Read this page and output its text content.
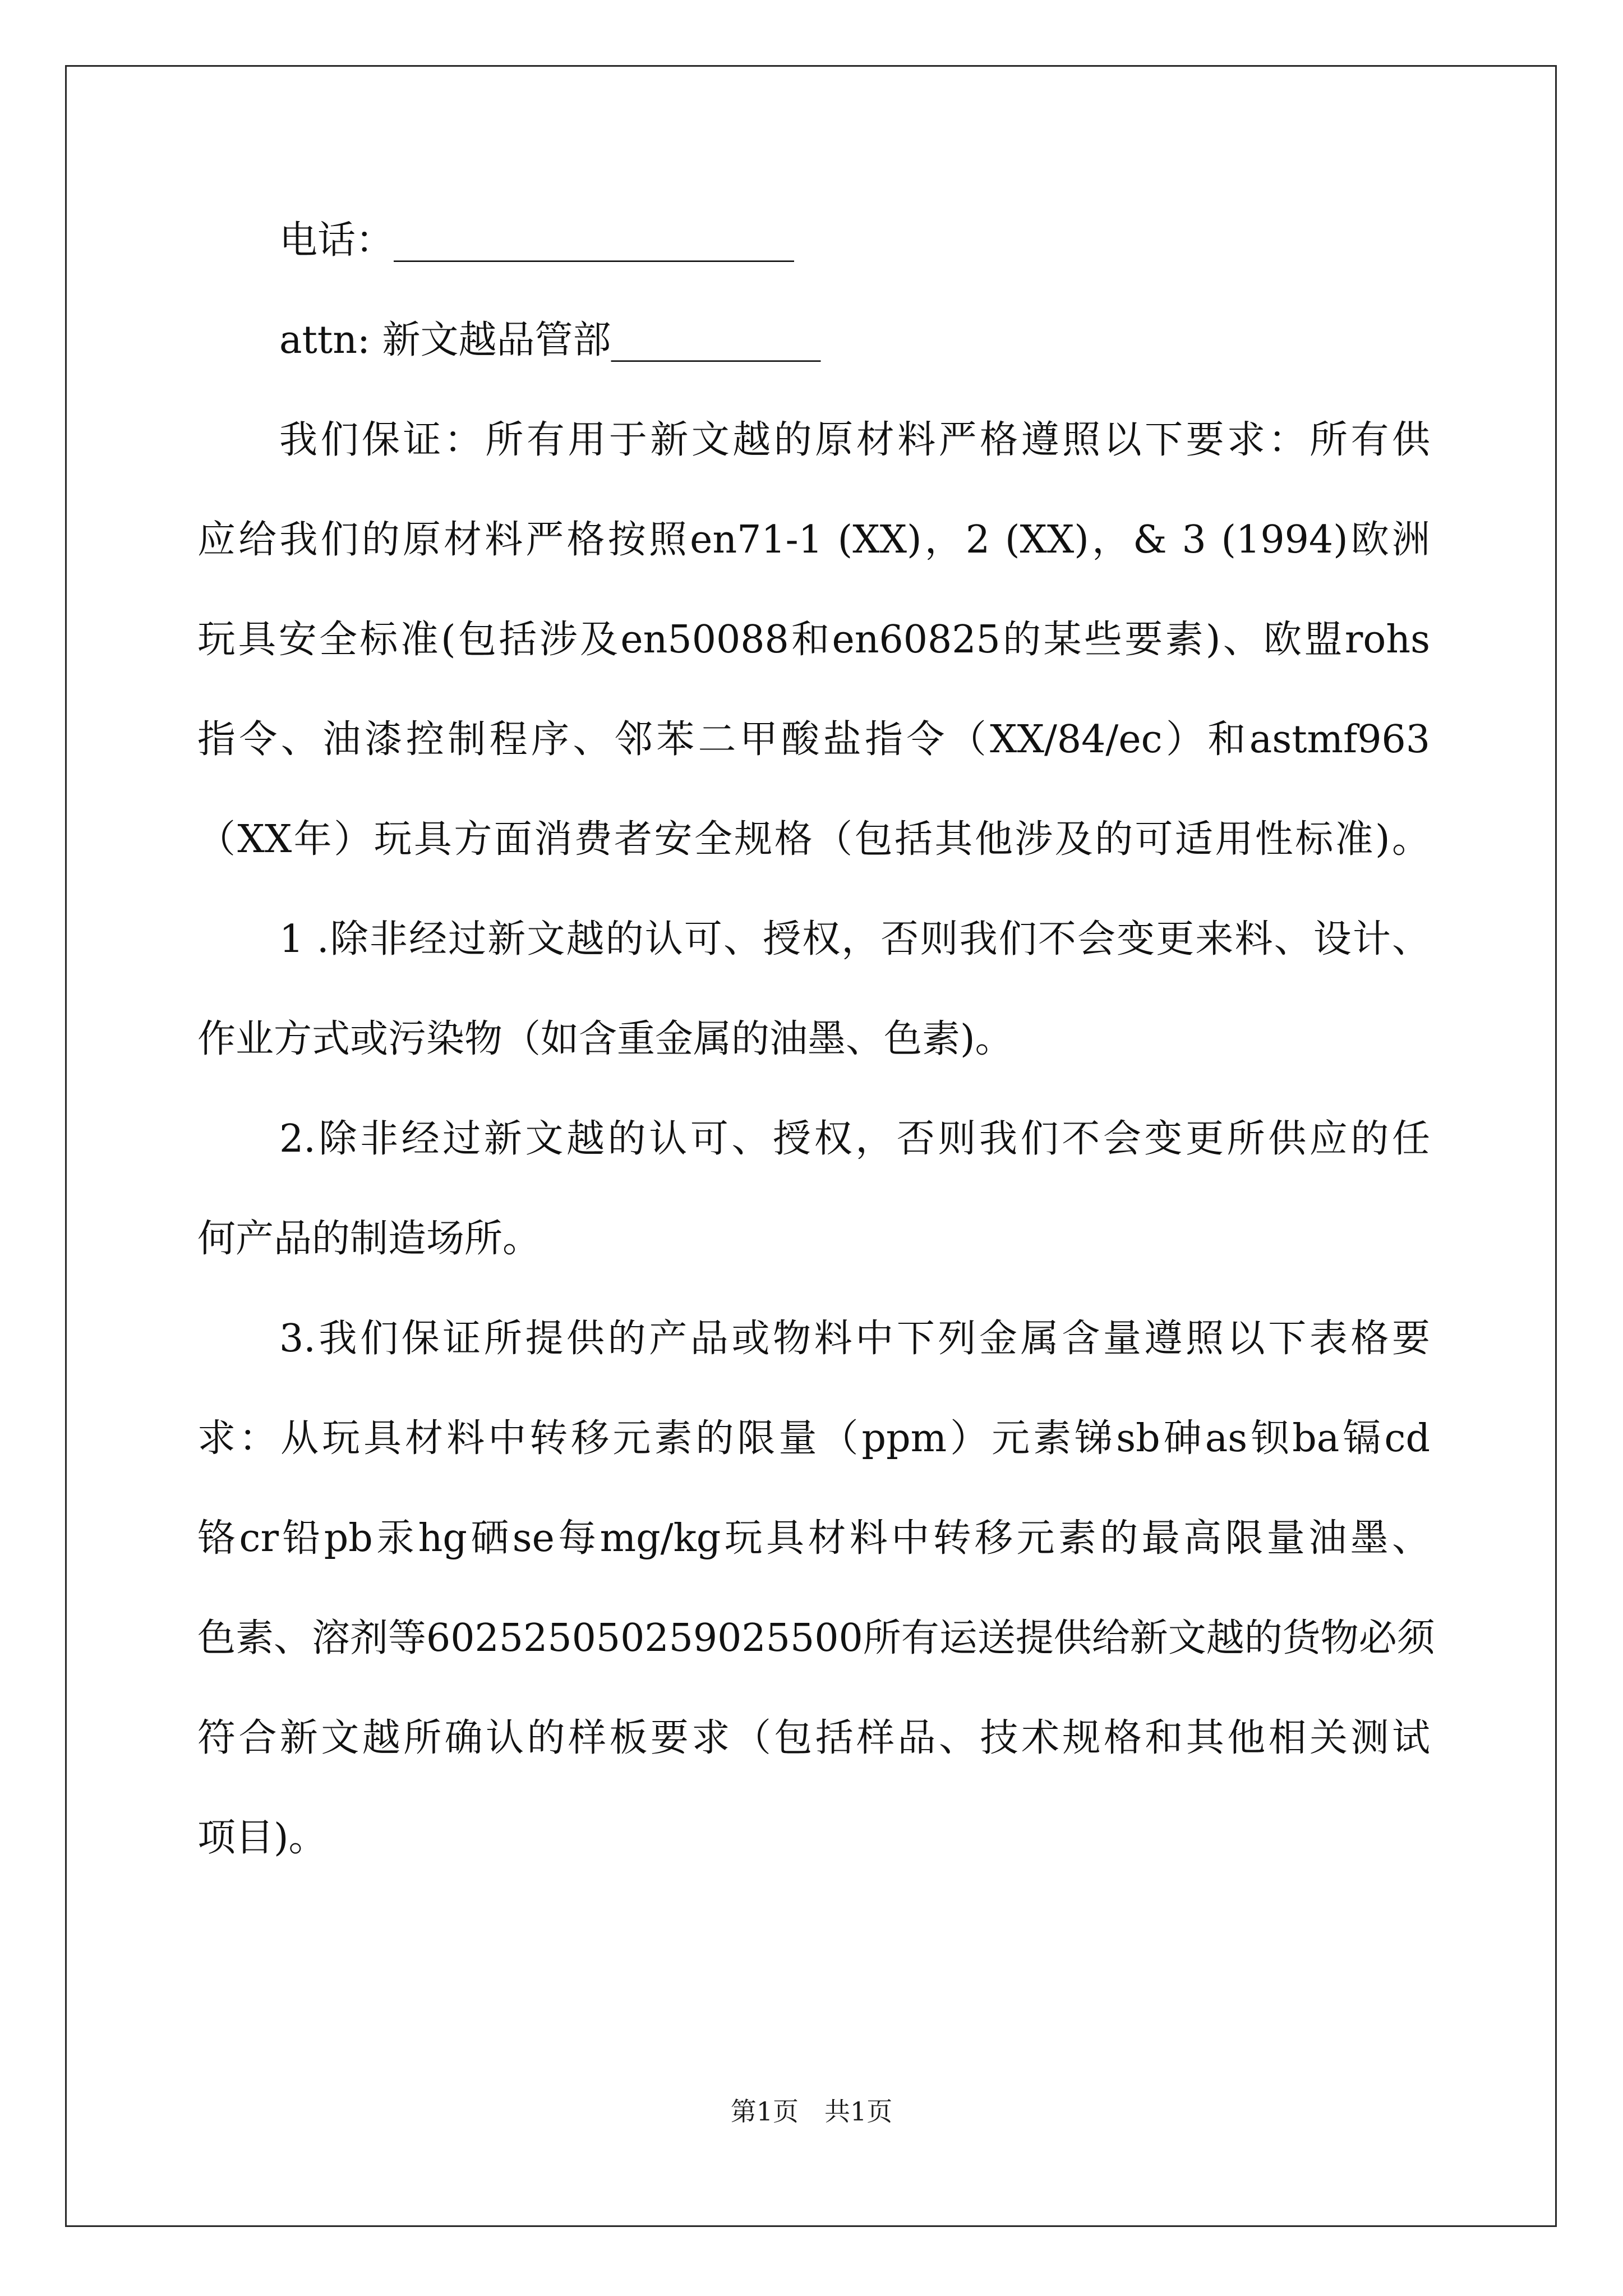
电话：_____________________
attn: 新文越品管部___________
我们保证：所有用于新文越的原材料严格遵照以下要求：所有供
应给我们的原材料严格按照en71-1 (XX)，2 (XX)，& 3 (1994)欧洲
玩具安全标准(包括涉及en50088和en60825的某些要素)、欧盟rohs
指令、油漆控制程序、邻苯二甲酸盐指令（XX/84/ec）和astmf963
（XX年）玩具方面消费者安全规格（包括其他涉及的可适用性标准)。
1 .除非经过新文越的认可、授权，否则我们不会变更来料、设计、
作业方式或污染物（如含重金属的油墨、色素)。
2.除非经过新文越的认可、授权，否则我们不会变更所供应的任
何产品的制造场所。
3.我们保证所提供的产品或物料中下列金属含量遵照以下表格要
求：从玩具材料中转移元素的限量（ppm）元素锑sb砷as钡ba镉cd
铬cr铅pb汞hg硒se每mg/kg玩具材料中转移元素的最高限量油墨、
色素、溶剂等602525050259025500所有运送提供给新文越的货物必须
符合新文越所确认的样板要求（包括样品、技术规格和其他相关测试
项目)。
第1页　共1页
